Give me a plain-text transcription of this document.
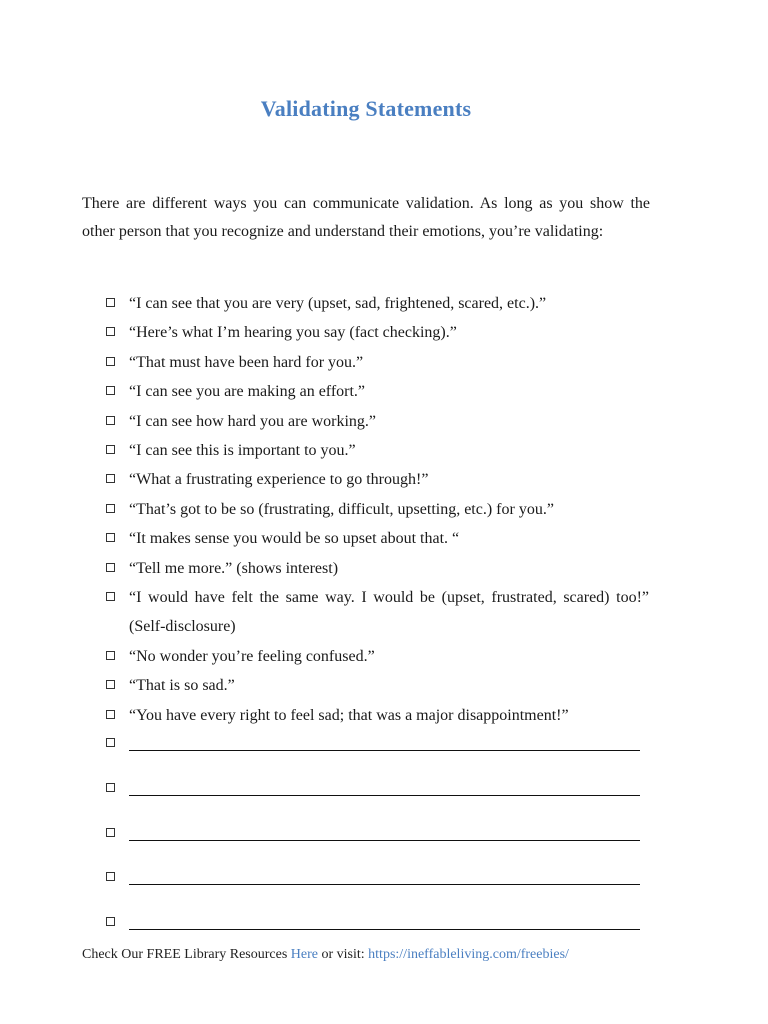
Validating Statements
There are different ways you can communicate validation. As long as you show the other person that you recognize and understand their emotions, you’re validating:
“I can see that you are very (upset, sad, frightened, scared, etc.).”
“Here’s what I’m hearing you say (fact checking).”
“That must have been hard for you.”
“I can see you are making an effort.”
“I can see how hard you are working.”
“I can see this is important to you.”
“What a frustrating experience to go through!”
“That’s got to be so (frustrating, difficult, upsetting, etc.) for you.”
“It makes sense you would be so upset about that. “
“Tell me more.” (shows interest)
“I would have felt the same way. I would be (upset, frustrated, scared) too!” (Self-disclosure)
“No wonder you’re feeling confused.”
“That is so sad.”
“You have every right to feel sad; that was a major disappointment!”
Check Our FREE Library Resources Here or visit: https://ineffableliving.com/freebies/
